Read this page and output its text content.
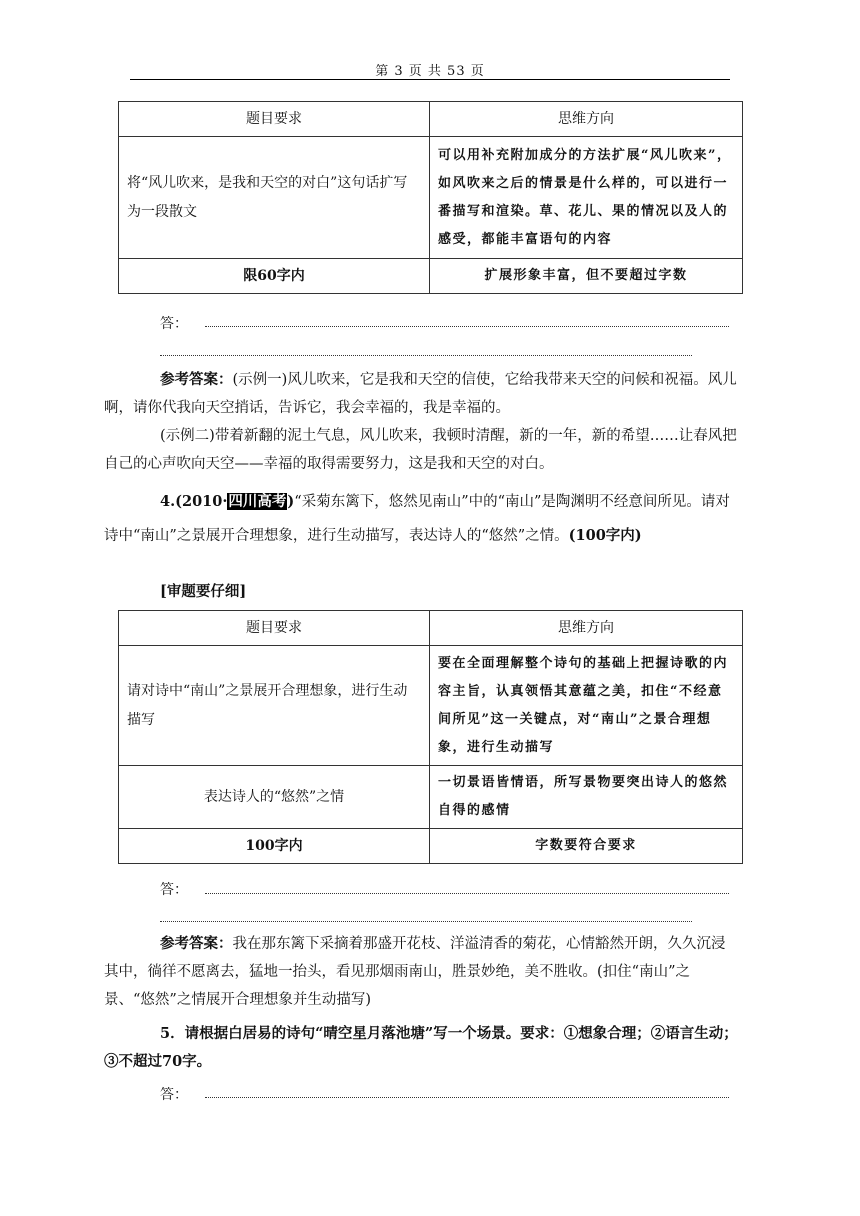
第 3 页 共 53 页
题目要求	思维方向
将“风儿吹来，是我和天空的对白”这句话扩写为一段散文	可以用补充附加成分的方法扩展“风儿吹来”，如风吹来之后的情景是什么样的，可以进行一番描写和渲染。草、花儿、果的情况以及人的感受，都能丰富语句的内容
限60字内	扩展形象丰富，但不要超过字数
答：

参考答案：(示例一)风儿吹来，它是我和天空的信使，它给我带来天空的问候和祝福。风儿啊，请你代我向天空捎话，告诉它，我会幸福的，我是幸福的。

(示例二)带着新翻的泥土气息，风儿吹来，我顿时清醒，新的一年，新的希望……让春风把自己的心声吹向天空——幸福的取得需要努力，这是我和天空的对白。

4.(2010·四川高考)“采菊东篱下，悠然见南山”中的“南山”是陶渊明不经意间所见。请对诗中“南山”之景展开合理想象，进行生动描写，表达诗人的“悠然”之情。(100字内)

[审题要仔细]
题目要求	思维方向
请对诗中“南山”之景展开合理想象，进行生动描写	要在全面理解整个诗句的基础上把握诗歌的内容主旨，认真领悟其意蕴之美，扣住“不经意间所见”这一关键点，对“南山”之景合理想象，进行生动描写
表达诗人的“悠然”之情	一切景语皆情语，所写景物要突出诗人的悠然自得的感情
100字内	字数要符合要求
答：

参考答案：我在那东篱下采摘着那盛开花枝、洋溢清香的菊花，心情豁然开朗，久久沉浸其中，徜徉不愿离去，猛地一抬头，看见那烟雨南山，胜景妙绝，美不胜收。(扣住“南山”之景、“悠然”之情展开合理想象并生动描写)

5．请根据白居易的诗句“晴空星月落池塘”写一个场景。要求：①想象合理；②语言生动；③不超过70字。

答：
